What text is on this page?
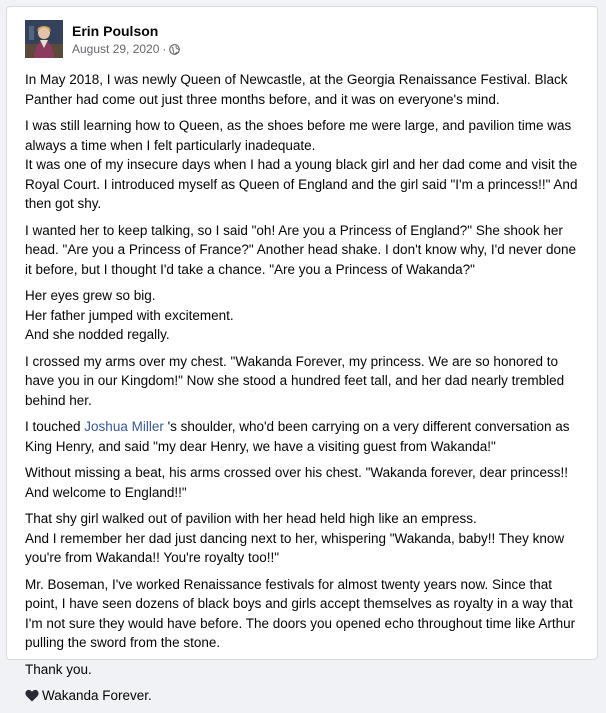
Erin Poulson
August 29, 2020 ·

In May 2018, I was newly Queen of Newcastle, at the Georgia Renaissance Festival. Black Panther had come out just three months before, and it was on everyone's mind.

I was still learning how to Queen, as the shoes before me were large, and pavilion time was always a time when I felt particularly inadequate.
It was one of my insecure days when I had a young black girl and her dad come and visit the Royal Court. I introduced myself as Queen of England and the girl said "I'm a princess!!" And then got shy.

I wanted her to keep talking, so I said "oh! Are you a Princess of England?" She shook her head. "Are you a Princess of France?" Another head shake. I don't know why, I'd never done it before, but I thought I'd take a chance. "Are you a Princess of Wakanda?"

Her eyes grew so big.
Her father jumped with excitement.
And she nodded regally.

I crossed my arms over my chest. "Wakanda Forever, my princess. We are so honored to have you in our Kingdom!" Now she stood a hundred feet tall, and her dad nearly trembled behind her.

I touched Joshua Miller 's shoulder, who'd been carrying on a very different conversation as King Henry, and said "my dear Henry, we have a visiting guest from Wakanda!"

Without missing a beat, his arms crossed over his chest. "Wakanda forever, dear princess!! And welcome to England!!"

That shy girl walked out of pavilion with her head held high like an empress.
And I remember her dad just dancing next to her, whispering "Wakanda, baby!! They know you're from Wakanda!! You're royalty too!!"

Mr. Boseman, I've worked Renaissance festivals for almost twenty years now. Since that point, I have seen dozens of black boys and girls accept themselves as royalty in a way that I'm not sure they would have before. The doors you opened echo throughout time like Arthur pulling the sword from the stone.

Thank you.

Wakanda Forever.
